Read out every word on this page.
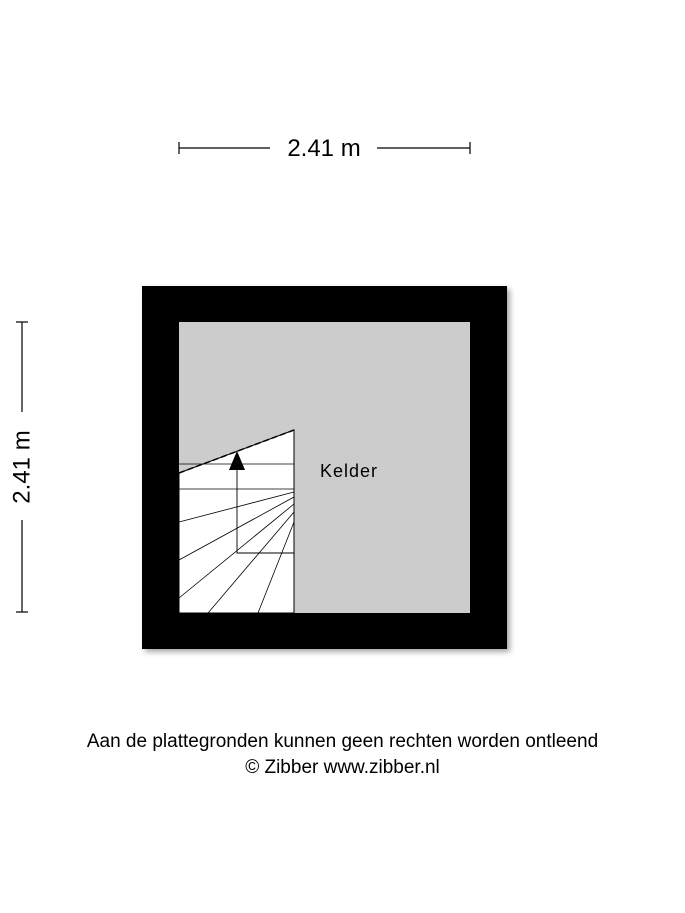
2.41 m
2.41 m	Kelder
Aan de plattegronden kunnen geen rechten worden ontleend
© Zibber www.zibber.nl
